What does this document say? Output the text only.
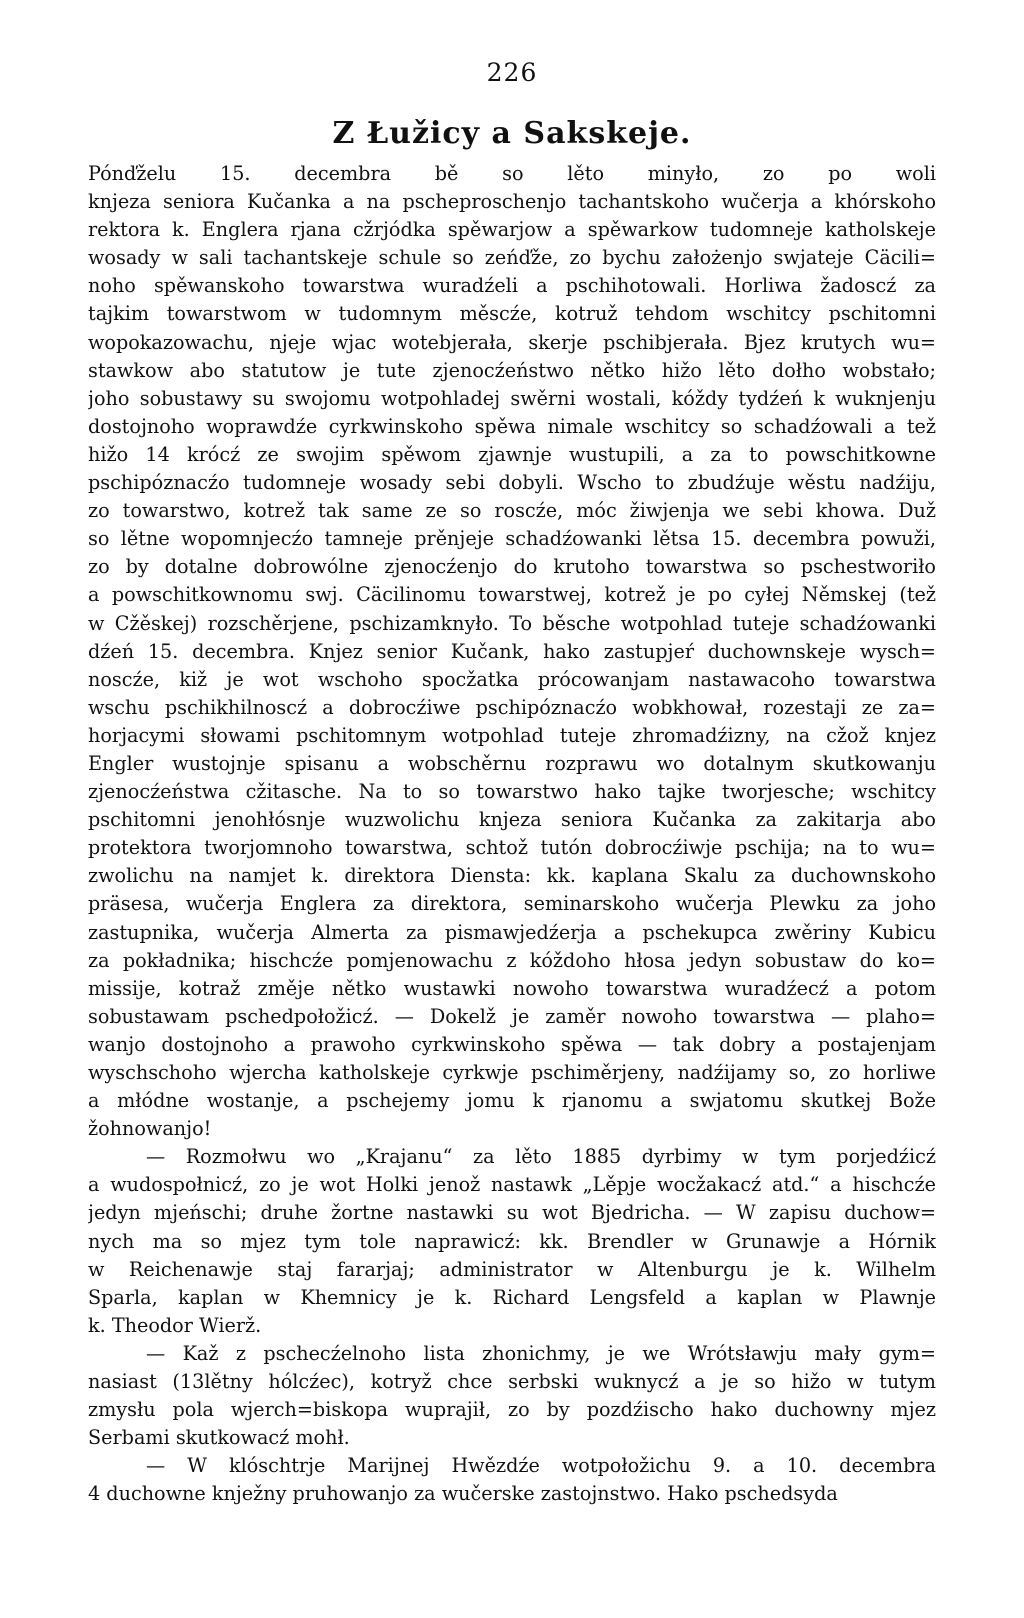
226
Z Łužicy a Sakskeje.
Pónďželu 15. decembra bě so lěto minyło, zo po woli
knjeza seniora Kučanka a na pscheproschenjo tachantskoho wučerja a khórskoho
rektora k. Englera rjana cžrjódka spěwarjow a spěwarkow tudomneje katholskeje
wosady w sali tachantskeje schule so zeńďže, zo bychu założenjo swjateje Cäcili=
noho spěwanskoho towarstwa wuradźeli a pschihotowali. Horliwa žadoscź za
tajkim towarstwom w tudomnym měscźe, kotruž tehdom wschitcy pschitomni
wopokazowachu, njeje wjac wotebjerała, skerje pschibjerała. Bjez krutych wu=
stawkow abo statutow je tute zjenocźeństwo nětko hižo lěto dołho wobstało;
joho sobustawy su swojomu wotpohladej swěrni wostali, kóždy tydźeń k wuknjenju
dostojnoho woprawdźe cyrkwinskoho spěwa nimale wschitcy so schadźowali a tež
hižo 14 krócź ze swojim spěwom zjawnje wustupili, a za to powschitkowne
pschipóznacźo tudomneje wosady sebi dobyli. Wscho to zbudźuje wěstu nadźiju,
zo towarstwo, kotrež tak same ze so roscźe, móc žiwjenja we sebi khowa. Duž
so lětne wopomnjecźo tamneje prěnjeje schadźowanki lětsa 15. decembra powuži,
zo by dotalne dobrowólne zjenocźenjo do krutoho towarstwa so pschestworiło
a powschitkownomu swj. Cäcilinomu towarstwej, kotrež je po cyłej Němskej (tež
w Cžěskej) rozschěrjene, pschizamknyło. To běsche wotpohlad tuteje schadźowanki
dźeń 15. decembra. Knjez senior Kučank, hako zastupjeŕ duchownskeje wysch=
noscźe, kiž je wot wschoho spocžatka prócowanjam nastawacoho towarstwa
wschu pschikhilnoscź a dobrocźiwe pschipóznacźo wobkhował, rozestaji ze za=
horjacymi słowami pschitomnym wotpohlad tuteje zhromadźizny, na cžož knjez
Engler wustojnje spisanu a wobschěrnu rozprawu wo dotalnym skutkowanju
zjenocźeństwa cžitasche. Na to so towarstwo hako tajke tworjesche; wschitcy
pschitomni jenohłósnje wuzwolichu knjeza seniora Kučanka za zakitarja abo
protektora tworjomnoho towarstwa, schtož tutón dobrocźiwje pschija; na to wu=
zwolichu na namjet k. direktora Diensta: kk. kaplana Skalu za duchownskoho
präsesa, wučerja Englera za direktora, seminarskoho wučerja Plewku za joho
zastupnika, wučerja Almerta za pismawjedźerja a pschekupca zwěriny Kubicu
za pokładnika; hischcźe pomjenowachu z kóždoho hłosa jedyn sobustaw do ko=
missije, kotraž změje nětko wustawki nowoho towarstwa wuradźecź a potom
sobustawam pschedpołožicź. — Dokelž je zaměr nowoho towarstwa — plaho=
wanjo dostojnoho a prawoho cyrkwinskoho spěwa — tak dobry a postajenjam
wyschschoho wjercha katholskeje cyrkwje pschiměrjeny, nadźijamy so, zo horliwe
a młódne wostanje, a pschejemy jomu k rjanomu a swjatomu skutkej Bože
žohnowanjo!
— Rozmołwu wo „Krajanu“ za lěto 1885 dyrbimy w tym porjedźicź
a wudospołnicź, zo je wot Holki jenož nastawk „Lěpje wocžakacź atd.“ a hischcźe
jedyn mjeńschi; druhe žortne nastawki su wot Bjedricha. — W zapisu duchow=
nych ma so mjez tym tole naprawicź: kk. Brendler w Grunawje a Hórnik
w Reichenawje staj fararjaj; administrator w Altenburgu je k. Wilhelm
Sparla, kaplan w Khemnicy je k. Richard Lengsfeld a kaplan w Plawnje
k. Theodor Wierž.
— Kaž z pschecźelnoho lista zhonichmy, je we Wrótsławju mały gym=
nasiast (13lětny hólcźec), kotryž chce serbski wuknycź a je so hižo w tutym
zmysłu pola wjerch=biskopa wuprajił, zo by pozdźischo hako duchowny mjez
Serbami skutkowacź mohł.
— W klóschtrje Marijnej Hwězdźe wotpołožichu 9. a 10. decembra
4 duchowne knježny pruhowanjo za wučerske zastojnstwo. Hako pschedsyda
